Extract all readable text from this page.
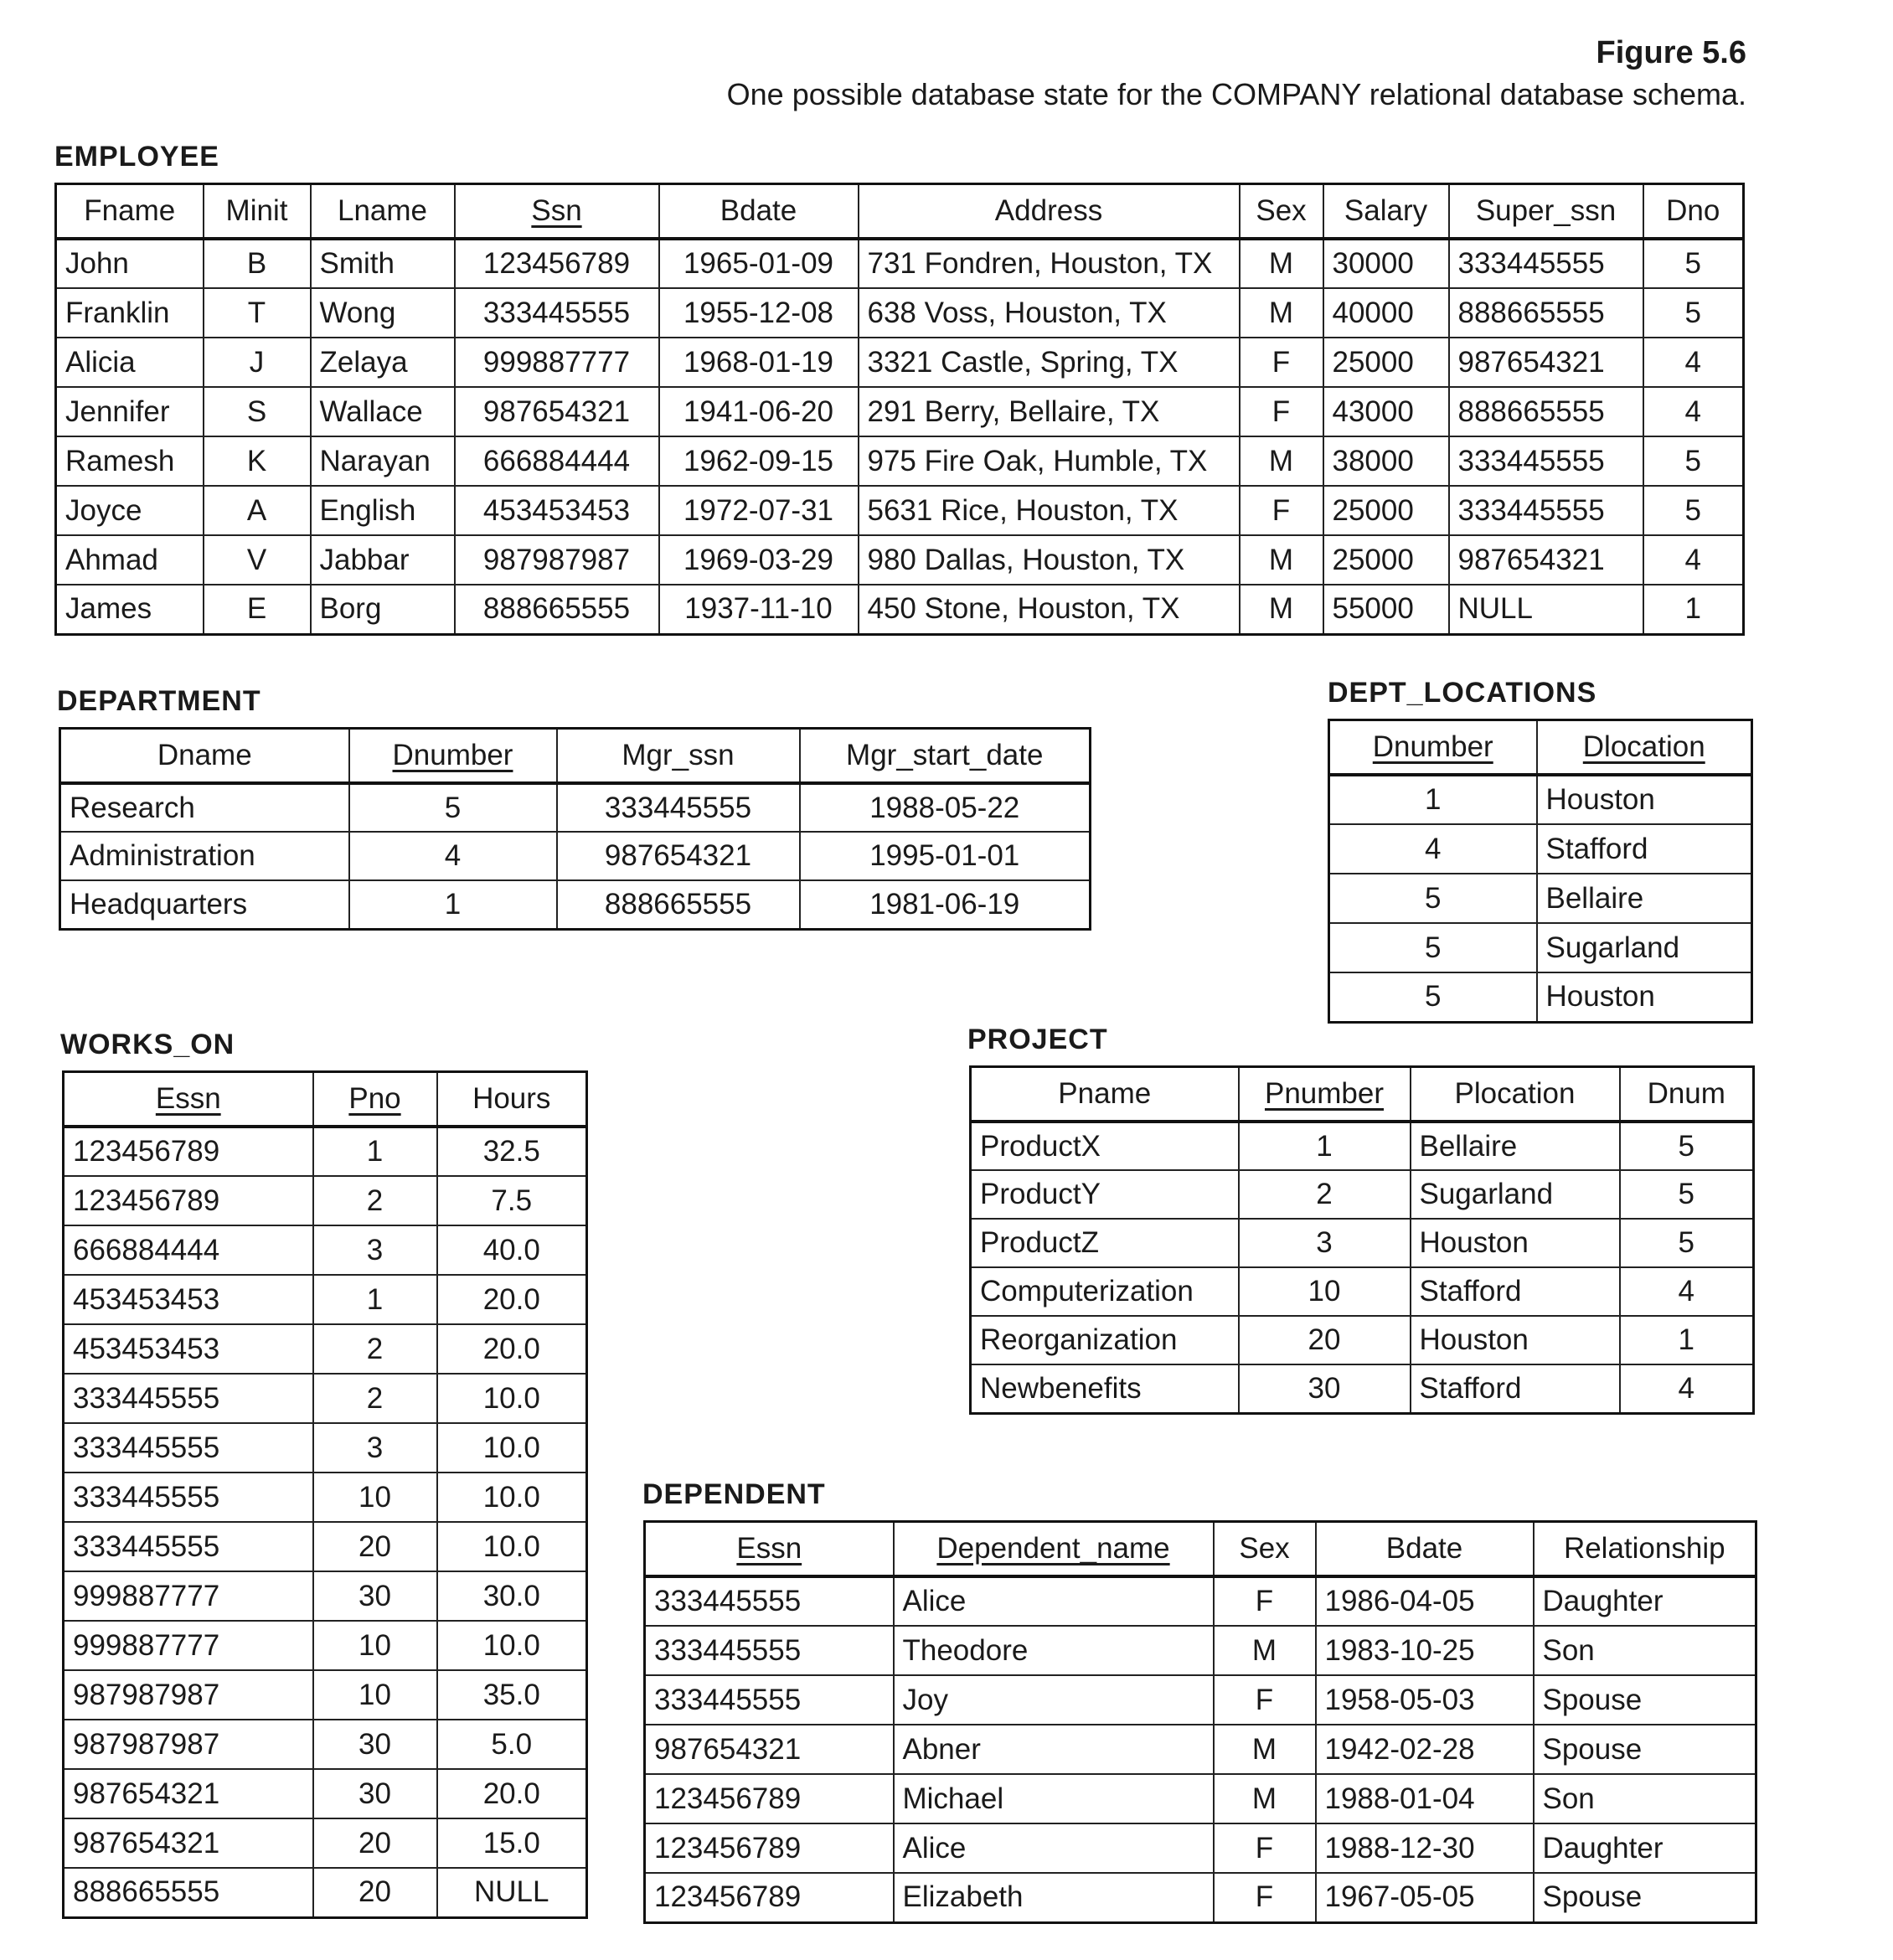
Figure 5.6
One possible database state for the COMPANY relational database schema.
EMPLOYEE
Fname	Minit	Lname	Ssn	Bdate	Address	Sex	Salary	Super_ssn	Dno
John	B	Smith	123456789	1965-01-09	731 Fondren, Houston, TX	M	30000	333445555	5
Franklin	T	Wong	333445555	1955-12-08	638 Voss, Houston, TX	M	40000	888665555	5
Alicia	J	Zelaya	999887777	1968-01-19	3321 Castle, Spring, TX	F	25000	987654321	4
Jennifer	S	Wallace	987654321	1941-06-20	291 Berry, Bellaire, TX	F	43000	888665555	4
Ramesh	K	Narayan	666884444	1962-09-15	975 Fire Oak, Humble, TX	M	38000	333445555	5
Joyce	A	English	453453453	1972-07-31	5631 Rice, Houston, TX	F	25000	333445555	5
Ahmad	V	Jabbar	987987987	1969-03-29	980 Dallas, Houston, TX	M	25000	987654321	4
James	E	Borg	888665555	1937-11-10	450 Stone, Houston, TX	M	55000	NULL	1
DEPARTMENT
Dname	Dnumber	Mgr_ssn	Mgr_start_date
Research	5	333445555	1988-05-22
Administration	4	987654321	1995-01-01
Headquarters	1	888665555	1981-06-19
DEPT_LOCATIONS
Dnumber	Dlocation
1	Houston
4	Stafford
5	Bellaire
5	Sugarland
5	Houston
WORKS_ON
Essn	Pno	Hours
123456789	1	32.5
123456789	2	7.5
666884444	3	40.0
453453453	1	20.0
453453453	2	20.0
333445555	2	10.0
333445555	3	10.0
333445555	10	10.0
333445555	20	10.0
999887777	30	30.0
999887777	10	10.0
987987987	10	35.0
987987987	30	5.0
987654321	30	20.0
987654321	20	15.0
888665555	20	NULL
PROJECT
Pname	Pnumber	Plocation	Dnum
ProductX	1	Bellaire	5
ProductY	2	Sugarland	5
ProductZ	3	Houston	5
Computerization	10	Stafford	4
Reorganization	20	Houston	1
Newbenefits	30	Stafford	4
DEPENDENT
Essn	Dependent_name	Sex	Bdate	Relationship
333445555	Alice	F	1986-04-05	Daughter
333445555	Theodore	M	1983-10-25	Son
333445555	Joy	F	1958-05-03	Spouse
987654321	Abner	M	1942-02-28	Spouse
123456789	Michael	M	1988-01-04	Son
123456789	Alice	F	1988-12-30	Daughter
123456789	Elizabeth	F	1967-05-05	Spouse
